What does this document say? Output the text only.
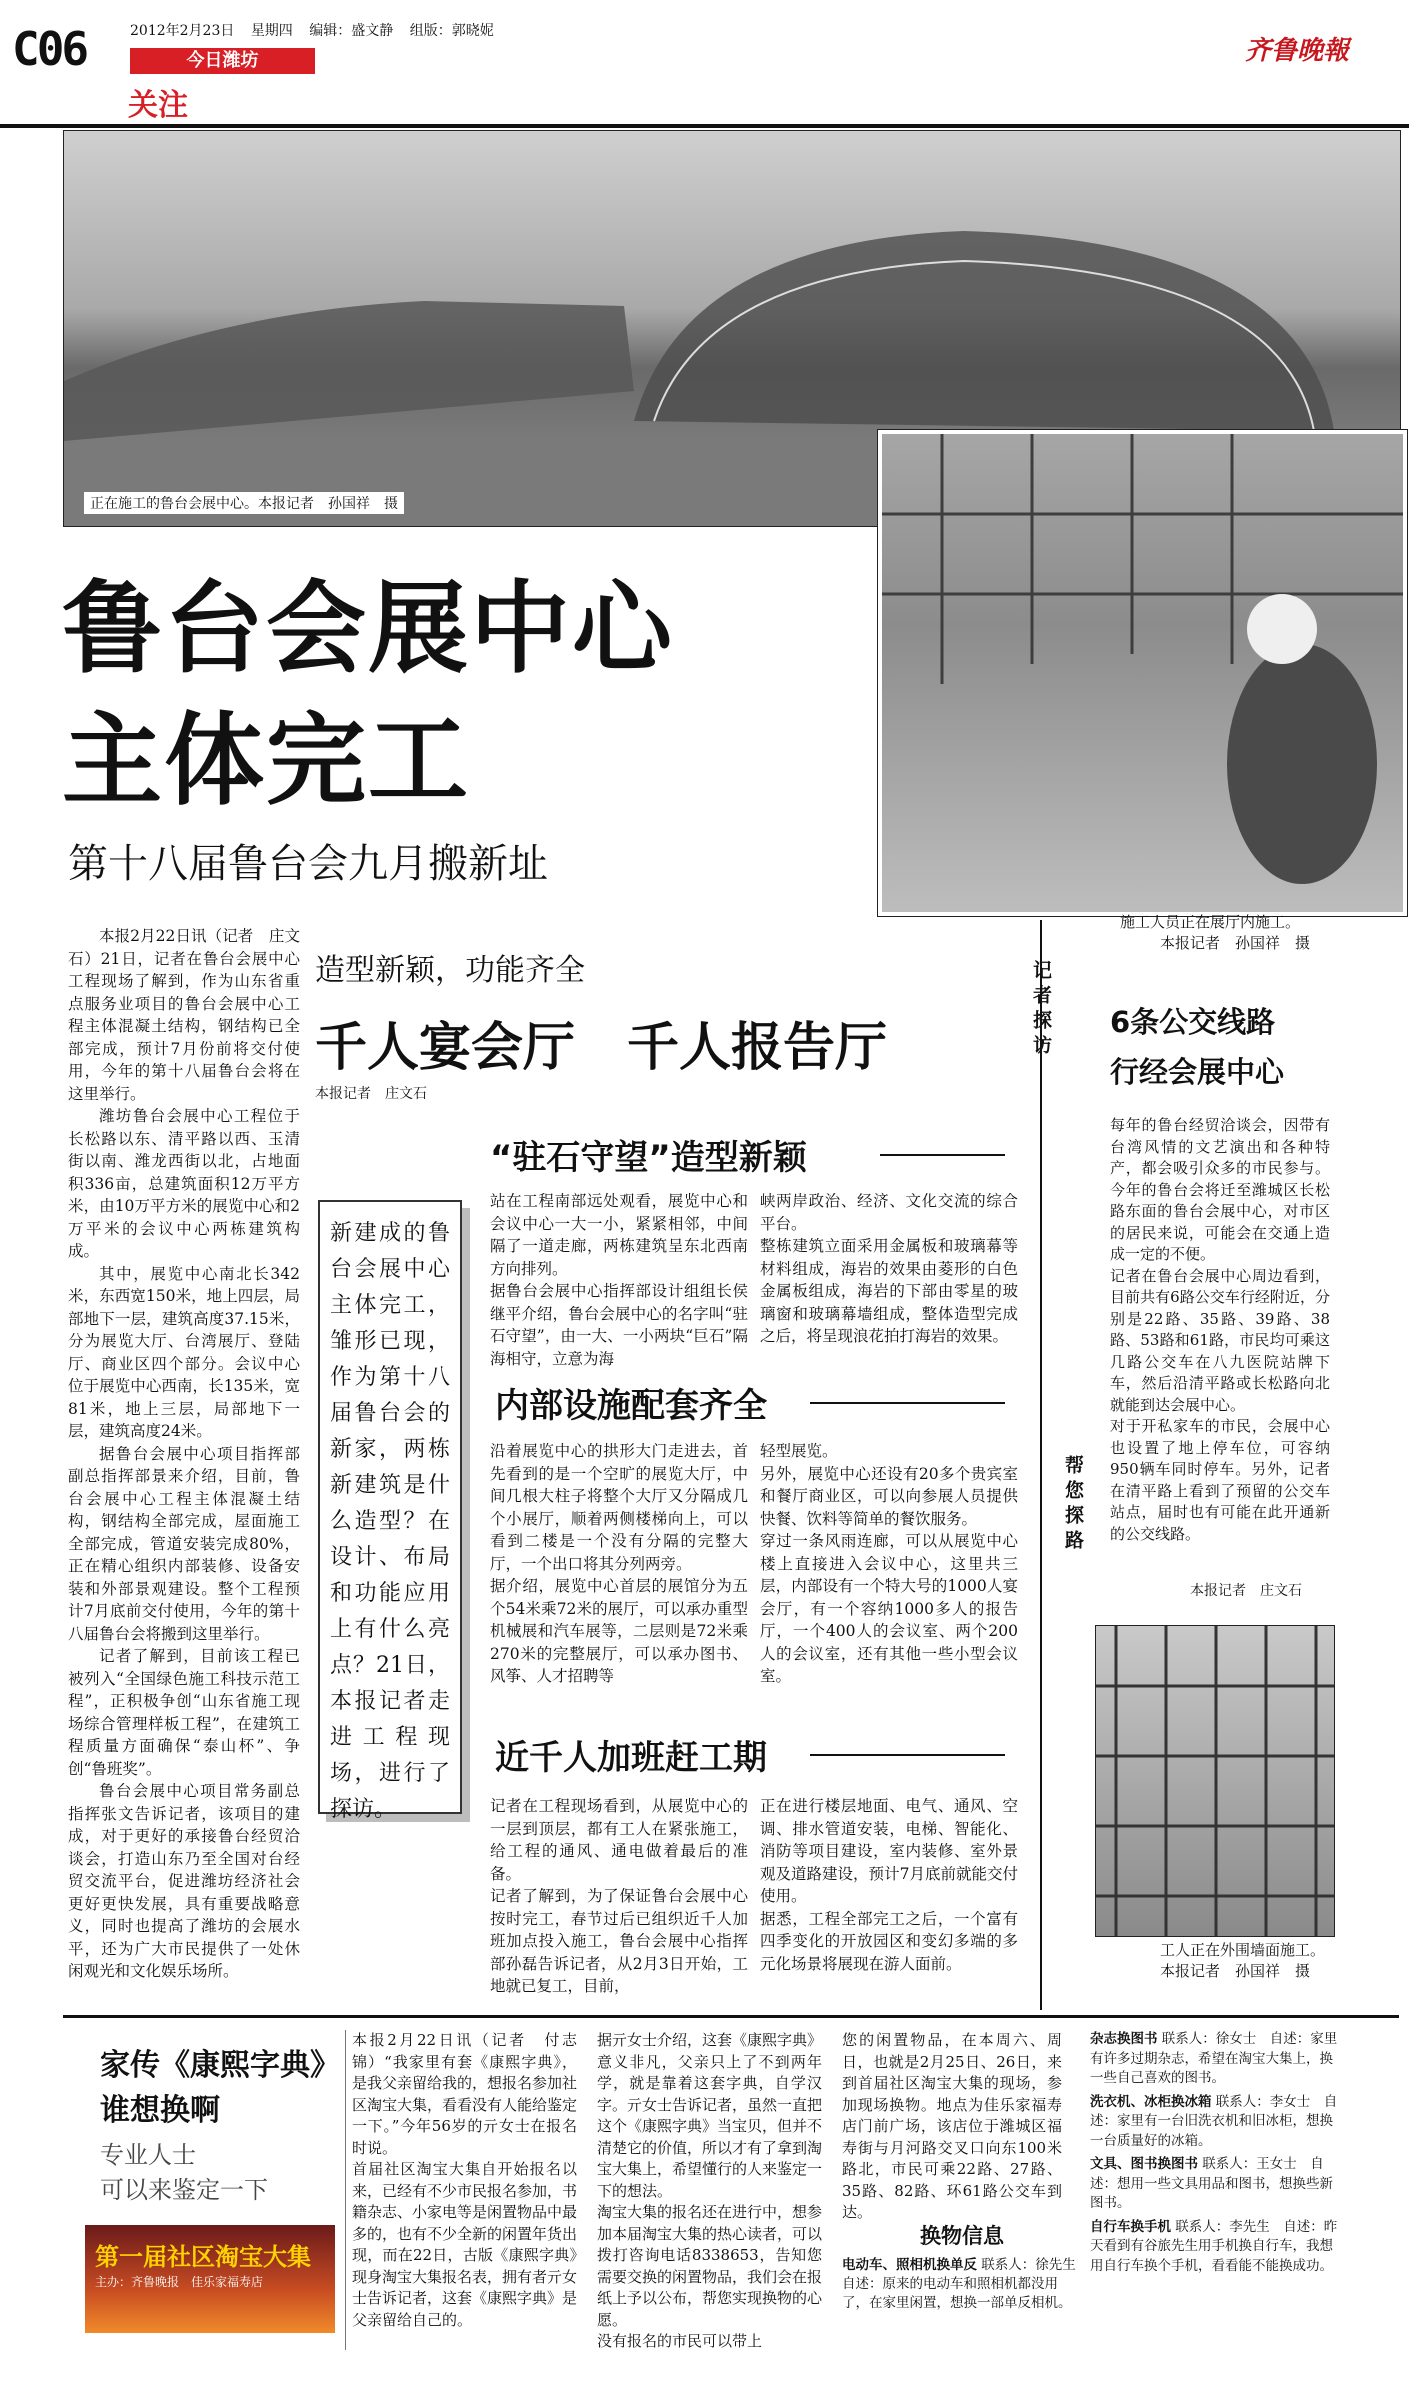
C06	2012年2月23日 星期四 编辑：盛文静 组版：郭晓妮
今日潍坊
关注
齐鲁晚報
正在施工的鲁台会展中心。本报记者　孙国祥　摄
施工人员正在展厅内施工。
本报记者　孙国祥　摄
鲁台会展中心
主体完工
第十八届鲁台会九月搬新址

本报2月22日讯（记者　庄文石）21日，记者在鲁台会展中心工程现场了解到，作为山东省重点服务业项目的鲁台会展中心工程主体混凝土结构，钢结构已全部完成，预计7月份前将交付使用，今年的第十八届鲁台会将在这里举行。

潍坊鲁台会展中心工程位于长松路以东、清平路以西、玉清街以南、潍龙西街以北，占地面积336亩，总建筑面积12万平方米，由10万平方米的展览中心和2万平米的会议中心两栋建筑构成。

其中，展览中心南北长342米，东西宽150米，地上四层，局部地下一层，建筑高度37.15米，分为展览大厅、台湾展厅、登陆厅、商业区四个部分。会议中心位于展览中心西南，长135米，宽81米，地上三层，局部地下一层，建筑高度24米。

据鲁台会展中心项目指挥部副总指挥部景来介绍，目前，鲁台会展中心工程主体混凝土结构，钢结构全部完成，屋面施工全部完成，管道安装完成80%，正在精心组织内部装修、设备安装和外部景观建设。整个工程预计7月底前交付使用，今年的第十八届鲁台会将搬到这里举行。

记者了解到，目前该工程已被列入“全国绿色施工科技示范工程”，正积极争创“山东省施工现场综合管理样板工程”，在建筑工程质量方面确保“泰山杯”、争创“鲁班奖”。

鲁台会展中心项目常务副总指挥张文告诉记者，该项目的建成，对于更好的承接鲁台经贸洽谈会，打造山东乃至全国对台经贸交流平台，促进潍坊经济社会更好更快发展，具有重要战略意义，同时也提高了潍坊的会展水平，还为广大市民提供了一处休闲观光和文化娱乐场所。

造型新颖，功能齐全
千人宴会厅　千人报告厅
本报记者　庄文石
记者探访
新建成的鲁台会展中心主体完工，雏形已现，作为第十八届鲁台会的新家，两栋新建筑是什么造型？在设计、布局和功能应用上有什么亮点？21日，本报记者走进工程现场，进行了探访。
“驻石守望”造型新颖
站在工程南部远处观看，展览中心和会议中心一大一小，紧紧相邻，中间隔了一道走廊，两栋建筑呈东北西南方向排列。
据鲁台会展中心指挥部设计组组长侯继平介绍，鲁台会展中心的名字叫“驻石守望”，由一大、一小两块“巨石”隔海相守，立意为海
峡两岸政治、经济、文化交流的综合平台。
整栋建筑立面采用金属板和玻璃幕等材料组成，海岩的效果由菱形的白色金属板组成，海岩的下部由零星的玻璃窗和玻璃幕墙组成，整体造型完成之后，将呈现浪花拍打海岩的效果。
内部设施配套齐全
沿着展览中心的拱形大门走进去，首先看到的是一个空旷的展览大厅，中间几根大柱子将整个大厅又分隔成几个小展厅，顺着两侧楼梯向上，可以看到二楼是一个没有分隔的完整大厅，一个出口将其分列两旁。
据介绍，展览中心首层的展馆分为五个54米乘72米的展厅，可以承办重型机械展和汽车展等，二层则是72米乘270米的完整展厅，可以承办图书、风筝、人才招聘等
轻型展览。
另外，展览中心还设有20多个贵宾室和餐厅商业区，可以向参展人员提供快餐、饮料等简单的餐饮服务。
穿过一条风雨连廊，可以从展览中心楼上直接进入会议中心，这里共三层，内部设有一个特大号的1000人宴会厅，有一个容纳1000多人的报告厅，一个400人的会议室、两个200人的会议室，还有其他一些小型会议室。
近千人加班赶工期
记者在工程现场看到，从展览中心的一层到顶层，都有工人在紧张施工，给工程的通风、通电做着最后的准备。
记者了解到，为了保证鲁台会展中心按时完工，春节过后已组织近千人加班加点投入施工，鲁台会展中心指挥部孙磊告诉记者，从2月3日开始，工地就已复工，目前，
正在进行楼层地面、电气、通风、空调、排水管道安装，电梯、智能化、消防等项目建设，室内装修、室外景观及道路建设，预计7月底前就能交付使用。
据悉，工程全部完工之后，一个富有四季变化的开放园区和变幻多端的多元化场景将展现在游人面前。
帮您探路
6条公交线路
行经会展中心
每年的鲁台经贸洽谈会，因带有台湾风情的文艺演出和各种特产，都会吸引众多的市民参与。今年的鲁台会将迁至潍城区长松路东面的鲁台会展中心，对市区的居民来说，可能会在交通上造成一定的不便。
记者在鲁台会展中心周边看到，目前共有6路公交车行经附近，分别是22路、35路、39路、38路、53路和61路，市民均可乘这几路公交车在八九医院站牌下车，然后沿清平路或长松路向北就能到达会展中心。
对于开私家车的市民，会展中心也设置了地上停车位，可容纳950辆车同时停车。另外，记者在清平路上看到了预留的公交车站点，届时也有可能在此开通新的公交线路。
本报记者　庄文石
工人正在外围墙面施工。
本报记者　孙国祥　摄
家传《康熙字典》
谁想换啊
专业人士
可以来鉴定一下
第一届社区淘宝大集
主办：齐鲁晚报　佳乐家福寿店
本报2月22日讯（记者　付志锦）“我家里有套《康熙字典》，是我父亲留给我的，想报名参加社区淘宝大集，看看没有人能给鉴定一下。”今年56岁的亓女士在报名时说。
首届社区淘宝大集自开始报名以来，已经有不少市民报名参加，书籍杂志、小家电等是闲置物品中最多的，也有不少全新的闲置年货出现，而在22日，古版《康熙字典》现身淘宝大集报名表，拥有者亓女士告诉记者，这套《康熙字典》是父亲留给自己的。
据亓女士介绍，这套《康熙字典》意义非凡，父亲只上了不到两年学，就是靠着这套字典，自学汉字。亓女士告诉记者，虽然一直把这个《康熙字典》当宝贝，但并不清楚它的价值，所以才有了拿到淘宝大集上，希望懂行的人来鉴定一下的想法。
淘宝大集的报名还在进行中，想参加本届淘宝大集的热心读者，可以拨打咨询电话8338653，告知您需要交换的闲置物品，我们会在报纸上予以公布，帮您实现换物的心愿。
没有报名的市民可以带上
您的闲置物品，在本周六、周日，也就是2月25日、26日，来到首届社区淘宝大集的现场，参加现场换物。地点为佳乐家福寿店门前广场，该店位于潍城区福寿街与月河路交叉口向东100米路北，市民可乘22路、27路、35路、82路、环61路公交车到达。
换物信息
电动车、照相机换单反 联系人：徐先生　自述：原来的电动车和照相机都没用了，在家里闲置，想换一部单反相机。
杂志换图书 联系人：徐女士　自述：家里有许多过期杂志，希望在淘宝大集上，换一些自己喜欢的图书。
洗衣机、冰柜换冰箱 联系人：李女士　自述：家里有一台旧洗衣机和旧冰柜，想换一台质量好的冰箱。
文具、图书换图书 联系人：王女士　自述：想用一些文具用品和图书，想换些新图书。
自行车换手机 联系人：李先生　自述：昨天看到有谷旅先生用手机换自行车，我想用自行车换个手机，看看能不能换成功。
